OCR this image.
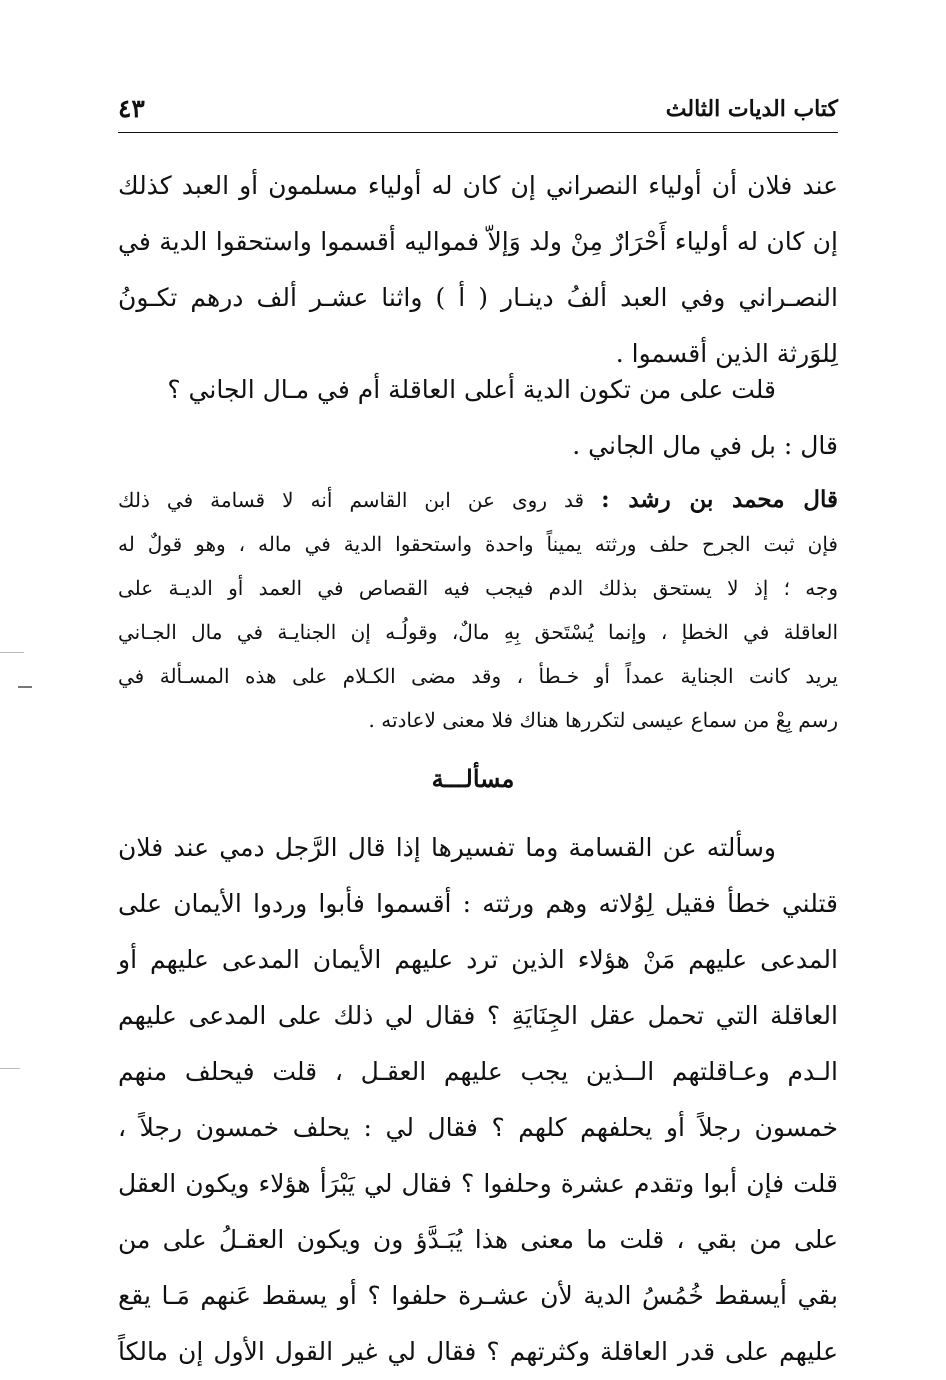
كتاب الديات الثالث
٤٣
عند فلان أن أولياء النصراني إن كان له أولياء مسلمون أو العبد كذلك
إن كان له أولياء أَحْرَارٌ مِنْ ولد وَإلاّ فمواليه أقسموا واستحقوا الدية في
النصـراني وفي العبد ألفُ دينـار ( أ ) واثنا عشـر ألف درهم تكـونُ
لِلوَرثة الذين أقسموا .
قلت على من تكون الدية أعلى العاقلة أم في مـال الجاني ؟
قال : بل في مال الجاني .
قال محمد بن رشد : قد روى عن ابن القاسم أنه لا قسامة في ذلك
فإن ثبت الجرح حلف ورثته يميناً واحدة واستحقوا الدية في ماله ، وهو قولٌ له
وجه ؛ إذ لا يستحق بذلك الدم فيجب فيه القصاص في العمد أو الديـة على
العاقلة في الخطإ ، وإنما يُسْتَحق بِهِ مالٌ، وقولُـه إن الجنايـة في مال الجـاني
يريد كانت الجناية عمداً أو خـطأ ، وقد مضى الكـلام على هذه المسـألة في
رسم بِعْ من سماع عيسى لتكررها هناك فلا معنى لاعادته .
مسألـــة
وسألته عن القسامة وما تفسيرها إذا قال الرَّجل دمي عند فلان
قتلني خطأ فقيل لِوُلاته وهم ورثته : أقسموا فأبوا وردوا الأيمان على
المدعى عليهم مَنْ هؤلاء الذين ترد عليهم الأيمان المدعى عليهم أو
العاقلة التي تحمل عقل الجِنَايَةِ ؟ فقال لي ذلك على المدعى عليهم
الـدم وعـاقلتهم الــذين يجب عليهم العقـل ، قلت فيحلف منهم
خمسون رجلاً أو يحلفهم كلهم ؟ فقال لي : يحلف خمسون رجلاً ،
قلت فإن أبوا وتقدم عشرة وحلفوا ؟ فقال لي يَبْرَأ هؤلاء ويكون العقل
على من بقي ، قلت ما معنى هذا يُبَـدَّؤ ون ويكون العقـلُ على من
بقي أيسقط خُمُسُ الدية لأن عشـرة حلفوا ؟ أو يسقط عَنهم مَـا يقع
عليهم على قدر العاقلة وكثرتهم ؟ فقال لي غير القول الأول إن مالكاً
